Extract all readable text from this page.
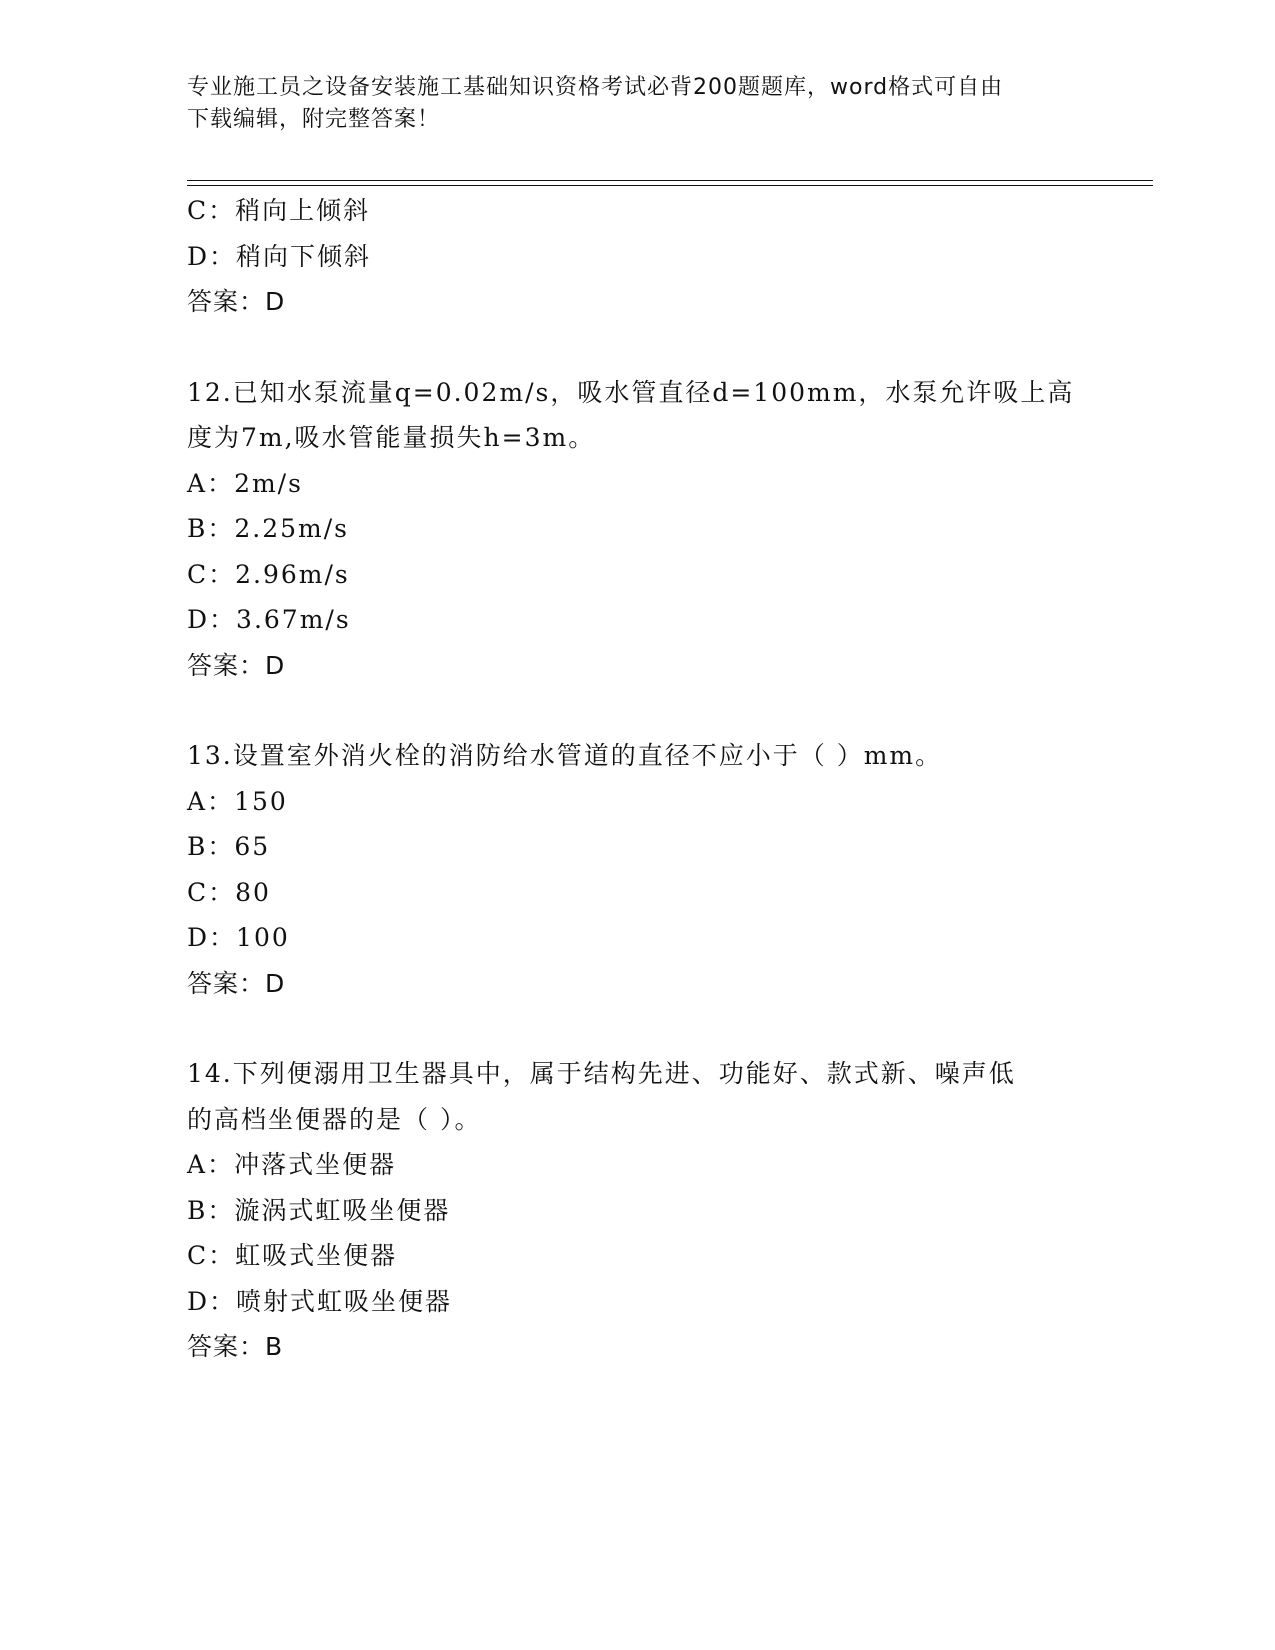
专业施工员之设备安装施工基础知识资格考试必背200题题库，word格式可自由
下载编辑，附完整答案！
C：稍向上倾斜
D：稍向下倾斜
答案：D
12.已知水泵流量q=0.02m/s，吸水管直径d=100mm，水泵允许吸上高
度为7m,吸水管能量损失h=3m。
A：2m/s
B：2.25m/s
C：2.96m/s
D：3.67m/s
答案：D
13.设置室外消火栓的消防给水管道的直径不应小于（ ）mm。
A：150
B：65
C：80
D：100
答案：D
14.下列便溺用卫生器具中，属于结构先进、功能好、款式新、噪声低
的高档坐便器的是（ ）。
A：冲落式坐便器
B：漩涡式虹吸坐便器
C：虹吸式坐便器
D：喷射式虹吸坐便器
答案：B
